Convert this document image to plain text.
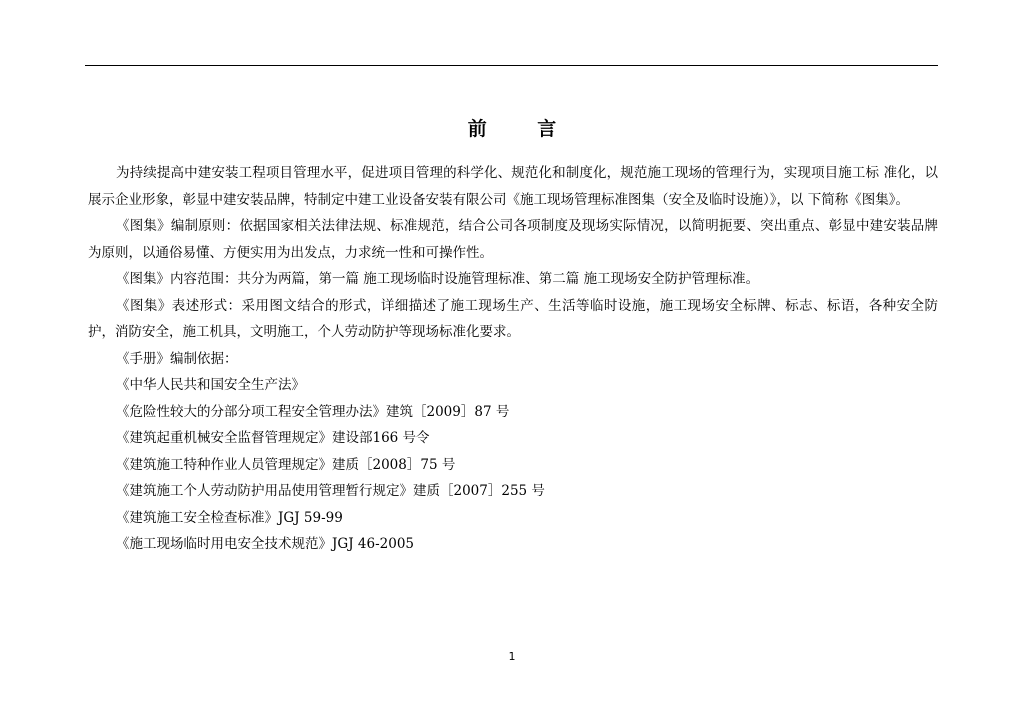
前 言

为持续提高中建安装工程项目管理水平，促进项目管理的科学化、规范化和制度化，规范施工现场的管理行为，实现项目施工标 准化，以展示企业形象，彰显中建安装品牌，特制定中建工业设备安装有限公司《施工现场管理标准图集（安全及临时设施）》，以 下简称《图集》。

《图集》编制原则：依据国家相关法律法规、标准规范，结合公司各项制度及现场实际情况，以简明扼要、突出重点、彰显中建安装品牌为原则，以通俗易懂、方便实用为出发点，力求统一性和可操作性。

《图集》内容范围：共分为两篇，第一篇 施工现场临时设施管理标准、第二篇 施工现场安全防护管理标准。

《图集》表述形式：采用图文结合的形式，详细描述了施工现场生产、生活等临时设施，施工现场安全标牌、标志、标语，各种安全防护，消防安全，施工机具，文明施工，个人劳动防护等现场标准化要求。

《手册》编制依据：

《中华人民共和国安全生产法》

《危险性较大的分部分项工程安全管理办法》建筑［2009］87 号

《建筑起重机械安全监督管理规定》建设部166 号令

《建筑施工特种作业人员管理规定》建质［2008］75 号

《建筑施工个人劳动防护用品使用管理暂行规定》建质［2007］255 号

《建筑施工安全检查标准》JGJ 59-99

《施工现场临时用电安全技术规范》JGJ 46-2005

1
